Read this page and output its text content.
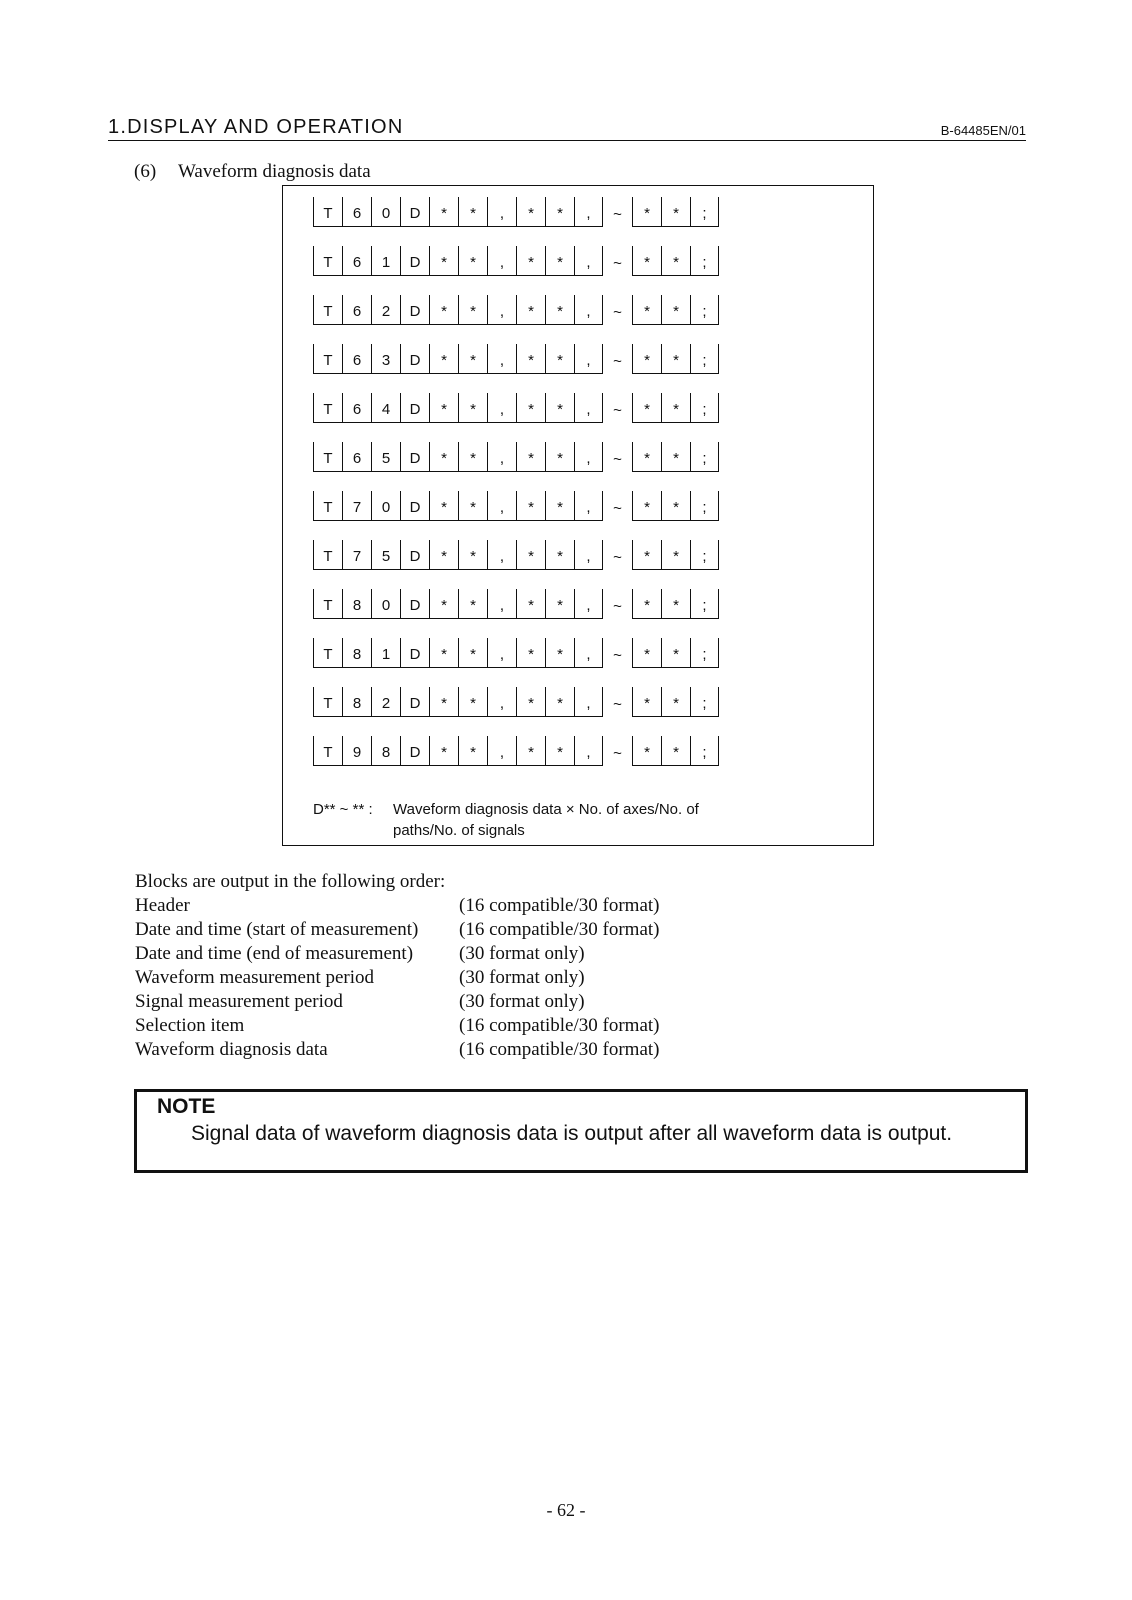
1.DISPLAY AND OPERATION	B-64485EN/01
(6) Waveform diagnosis data
T	6	0	D	*	*	,	*	*	,	~	*	*	;
T	6	1	D	*	*	,	*	*	,	~	*	*	;
T	6	2	D	*	*	,	*	*	,	~	*	*	;
T	6	3	D	*	*	,	*	*	,	~	*	*	;
T	6	4	D	*	*	,	*	*	,	~	*	*	;
T	6	5	D	*	*	,	*	*	,	~	*	*	;
T	7	0	D	*	*	,	*	*	,	~	*	*	;
T	7	5	D	*	*	,	*	*	,	~	*	*	;
T	8	0	D	*	*	,	*	*	,	~	*	*	;
T	8	1	D	*	*	,	*	*	,	~	*	*	;
T	8	2	D	*	*	,	*	*	,	~	*	*	;
T	9	8	D	*	*	,	*	*	,	~	*	*	;
D** ~ ** : Waveform diagnosis data × No. of axes/No. of
paths/No. of signals
Blocks are output in the following order:
Header	(16 compatible/30 format)
Date and time (start of measurement)	(16 compatible/30 format)
Date and time (end of measurement)	(30 format only)
Waveform measurement period	(30 format only)
Signal measurement period	(30 format only)
Selection item	(16 compatible/30 format)
Waveform diagnosis data	(16 compatible/30 format)
NOTE
Signal data of waveform diagnosis data is output after all waveform data is output.
- 62 -
